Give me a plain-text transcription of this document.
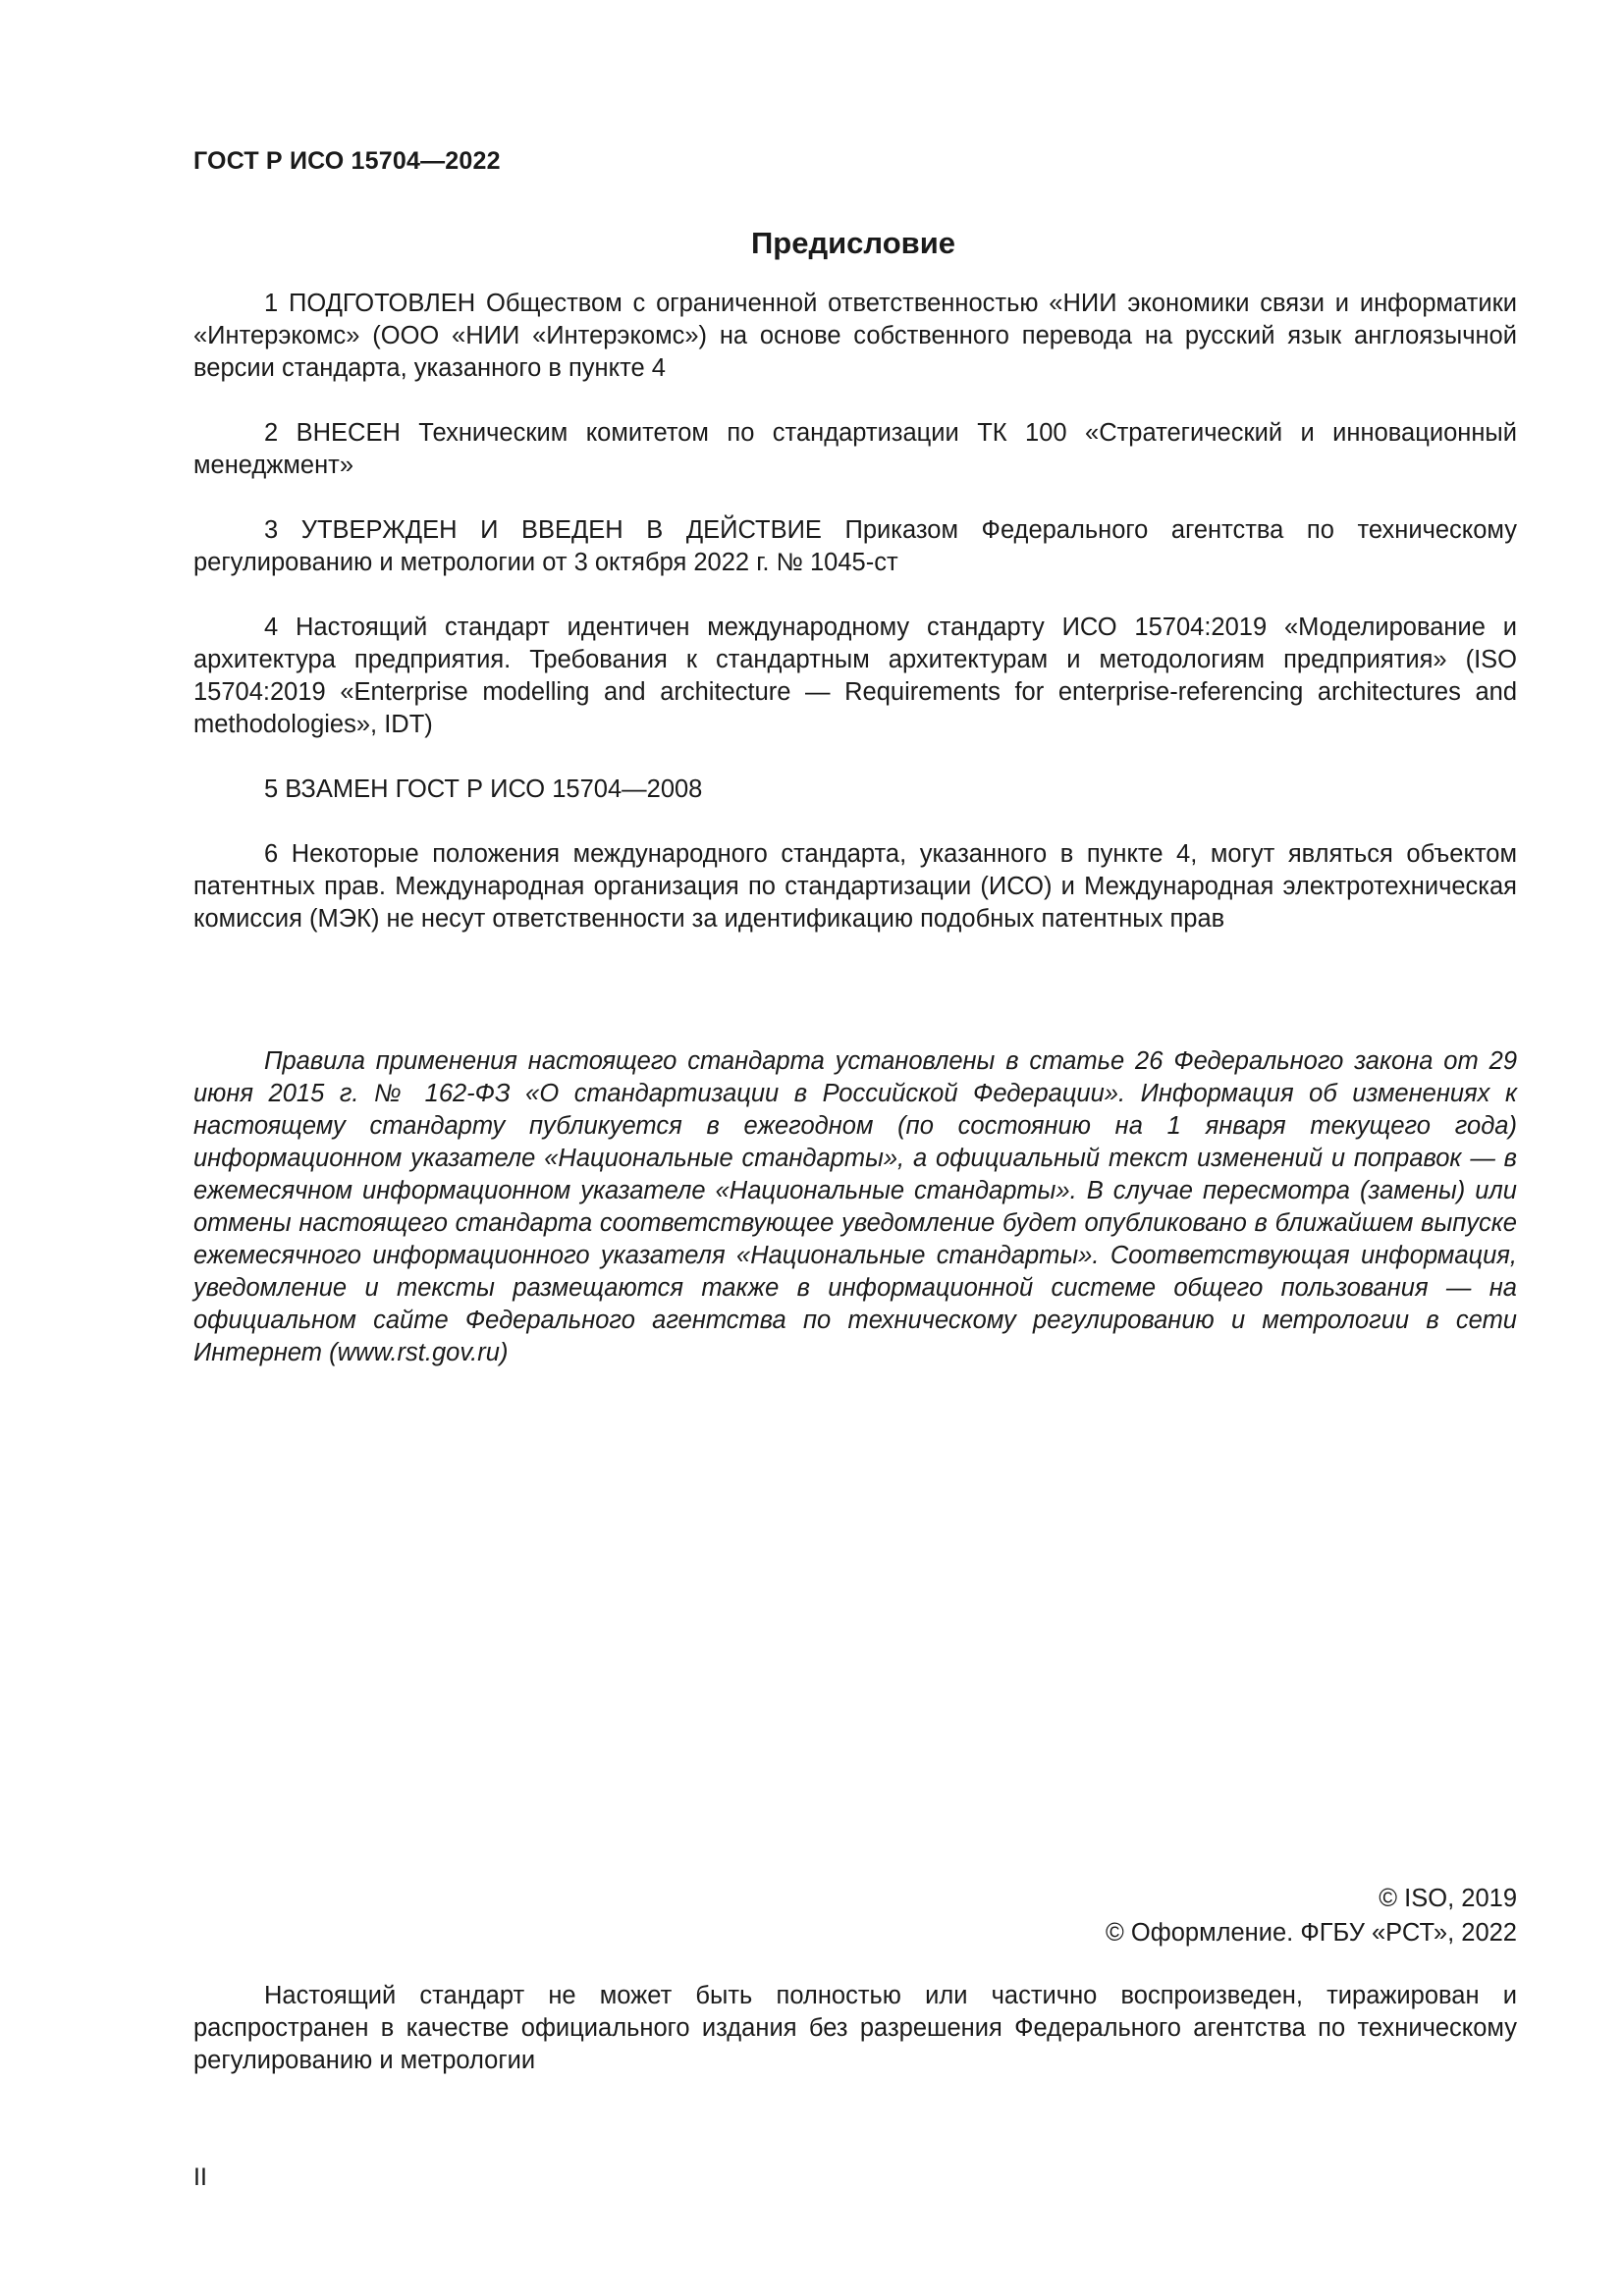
ГОСТ Р ИСО 15704—2022
Предисловие

1 ПОДГОТОВЛЕН Обществом с ограниченной ответственностью «НИИ экономики связи и информатики «Интерэкомс» (ООО «НИИ «Интерэкомс») на основе собственного перевода на русский язык англоязычной версии стандарта, указанного в пункте 4

2 ВНЕСЕН Техническим комитетом по стандартизации ТК 100 «Стратегический и инновационный менеджмент»

3 УТВЕРЖДЕН И ВВЕДЕН В ДЕЙСТВИЕ Приказом Федерального агентства по техническому регулированию и метрологии от 3 октября 2022 г. № 1045-ст

4 Настоящий стандарт идентичен международному стандарту ИСО 15704:2019 «Моделирование и архитектура предприятия. Требования к стандартным архитектурам и методологиям предприятия» (ISO 15704:2019 «Enterprise modelling and architecture — Requirements for enterprise-referencing architectures and methodologies», IDT)

5 ВЗАМЕН ГОСТ Р ИСО 15704—2008

6 Некоторые положения международного стандарта, указанного в пункте 4, могут являться объектом патентных прав. Международная организация по стандартизации (ИСО) и Международная электротехническая комиссия (МЭК) не несут ответственности за идентификацию подобных патентных прав

Правила применения настоящего стандарта установлены в статье 26 Федерального закона от 29 июня 2015 г. № 162-ФЗ «О стандартизации в Российской Федерации». Информация об изменениях к настоящему стандарту публикуется в ежегодном (по состоянию на 1 января текущего года) информационном указателе «Национальные стандарты», а официальный текст изменений и поправок — в ежемесячном информационном указателе «Национальные стандарты». В случае пересмотра (замены) или отмены настоящего стандарта соответствующее уведомление будет опубликовано в ближайшем выпуске ежемесячного информационного указателя «Национальные стандарты». Соответствующая информация, уведомление и тексты размещаются также в информационной системе общего пользования — на официальном сайте Федерального агентства по техническому регулированию и метрологии в сети Интернет (www.rst.gov.ru)

© ISO, 2019
© Оформление. ФГБУ «РСТ», 2022

Настоящий стандарт не может быть полностью или частично воспроизведен, тиражирован и распространен в качестве официального издания без разрешения Федерального агентства по техническому регулированию и метрологии

II
